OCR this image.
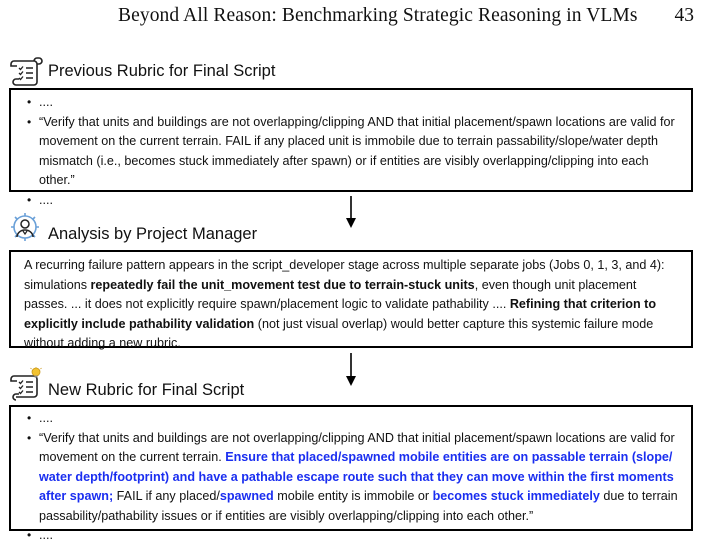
Beyond All Reason: Benchmarking Strategic Reasoning in VLMs 43
Previous Rubric for Final Script
• ....
• “Verify that units and buildings are not overlapping/clipping AND that initial placement/spawn locations are valid for movement on the current terrain. FAIL if any placed unit is immobile due to terrain passability/slope/water depth mismatch (i.e., becomes stuck immediately after spawn) or if entities are visibly overlapping/clipping into each other.”
• ....
Analysis by Project Manager
A recurring failure pattern appears in the script_developer stage across multiple separate jobs (Jobs 0, 1, 3, and 4): simulations repeatedly fail the unit_movement test due to terrain-stuck units, even though unit placement passes. ... it does not explicitly require spawn/placement logic to validate pathability .... Refining that criterion to explicitly include pathability validation (not just visual overlap) would better capture this systemic failure mode without adding a new rubric.
New Rubric for Final Script
• ....
• “Verify that units and buildings are not overlapping/clipping AND that initial placement/spawn locations are valid for movement on the current terrain. Ensure that placed/spawned mobile entities are on passable terrain (slope/ water depth/footprint) and have a pathable escape route such that they can move within the first moments after spawn; FAIL if any placed/spawned mobile entity is immobile or becomes stuck immediately due to terrain passability/pathability issues or if entities are visibly overlapping/clipping into each other.”
• ....
